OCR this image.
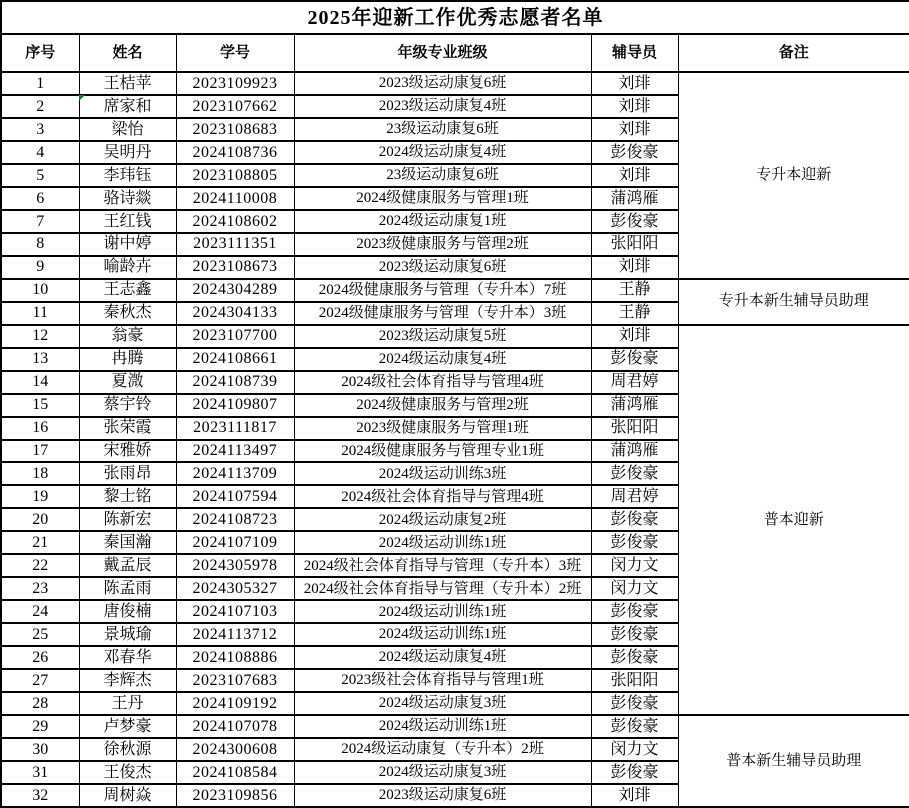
2025年迎新工作优秀志愿者名单					
序号	姓名	学号	年级专业班级	辅导员	备注
1	王桔苹	2023109923	2023级运动康复6班	刘琲	专升本迎新
2	席家和	2023107662	2023级运动康复4班	刘琲	
3	梁怡	2023108683	23级运动康复6班	刘琲	
4	吴明丹	2024108736	2024级运动康复4班	彭俊豪	
5	李玮钰	2023108805	23级运动康复6班	刘琲	
6	骆诗燚	2024110008	2024级健康服务与管理1班	蒲鸿雁	
7	王红钱	2024108602	2024级运动康复1班	彭俊豪	
8	谢中婷	2023111351	2023级健康服务与管理2班	张阳阳	
9	喻龄卉	2023108673	2023级运动康复6班	刘琲	
10	王志鑫	2024304289	2024级健康服务与管理（专升本）7班	王静	专升本新生辅导员助理
11	秦秋杰	2024304133	2024级健康服务与管理（专升本）3班	王静	
12	翁豪	2023107700	2023级运动康复5班	刘琲	普本迎新
13	冉腾	2024108661	2024级运动康复4班	彭俊豪	
14	夏溦	2024108739	2024级社会体育指导与管理4班	周君婷	
15	蔡宇铃	2024109807	2024级健康服务与管理2班	蒲鸿雁	
16	张荣霞	2023111817	2023级健康服务与管理1班	张阳阳	
17	宋雅娇	2024113497	2024级健康服务与管理专业1班	蒲鸿雁	
18	张雨昂	2024113709	2024级运动训练3班	彭俊豪	
19	黎士铭	2024107594	2024级社会体育指导与管理4班	周君婷	
20	陈新宏	2024108723	2024级运动康复2班	彭俊豪	
21	秦国瀚	2024107109	2024级运动训练1班	彭俊豪	
22	戴孟辰	2024305978	2024级社会体育指导与管理（专升本）3班	闵力文	
23	陈孟雨	2024305327	2024级社会体育指导与管理（专升本）2班	闵力文	
24	唐俊楠	2024107103	2024级运动训练1班	彭俊豪	
25	景城瑜	2024113712	2024级运动训练1班	彭俊豪	
26	邓春华	2024108886	2024级运动康复4班	彭俊豪	
27	李辉杰	2023107683	2023级社会体育指导与管理1班	张阳阳	
28	王丹	2024109192	2024级运动康复3班	彭俊豪	
29	卢梦豪	2024107078	2024级运动训练1班	彭俊豪	普本新生辅导员助理
30	徐秋源	2024300608	2024级运动康复（专升本）2班	闵力文	
31	王俊杰	2024108584	2024级运动康复3班	彭俊豪	
32	周树焱	2023109856	2023级运动康复6班	刘琲	
